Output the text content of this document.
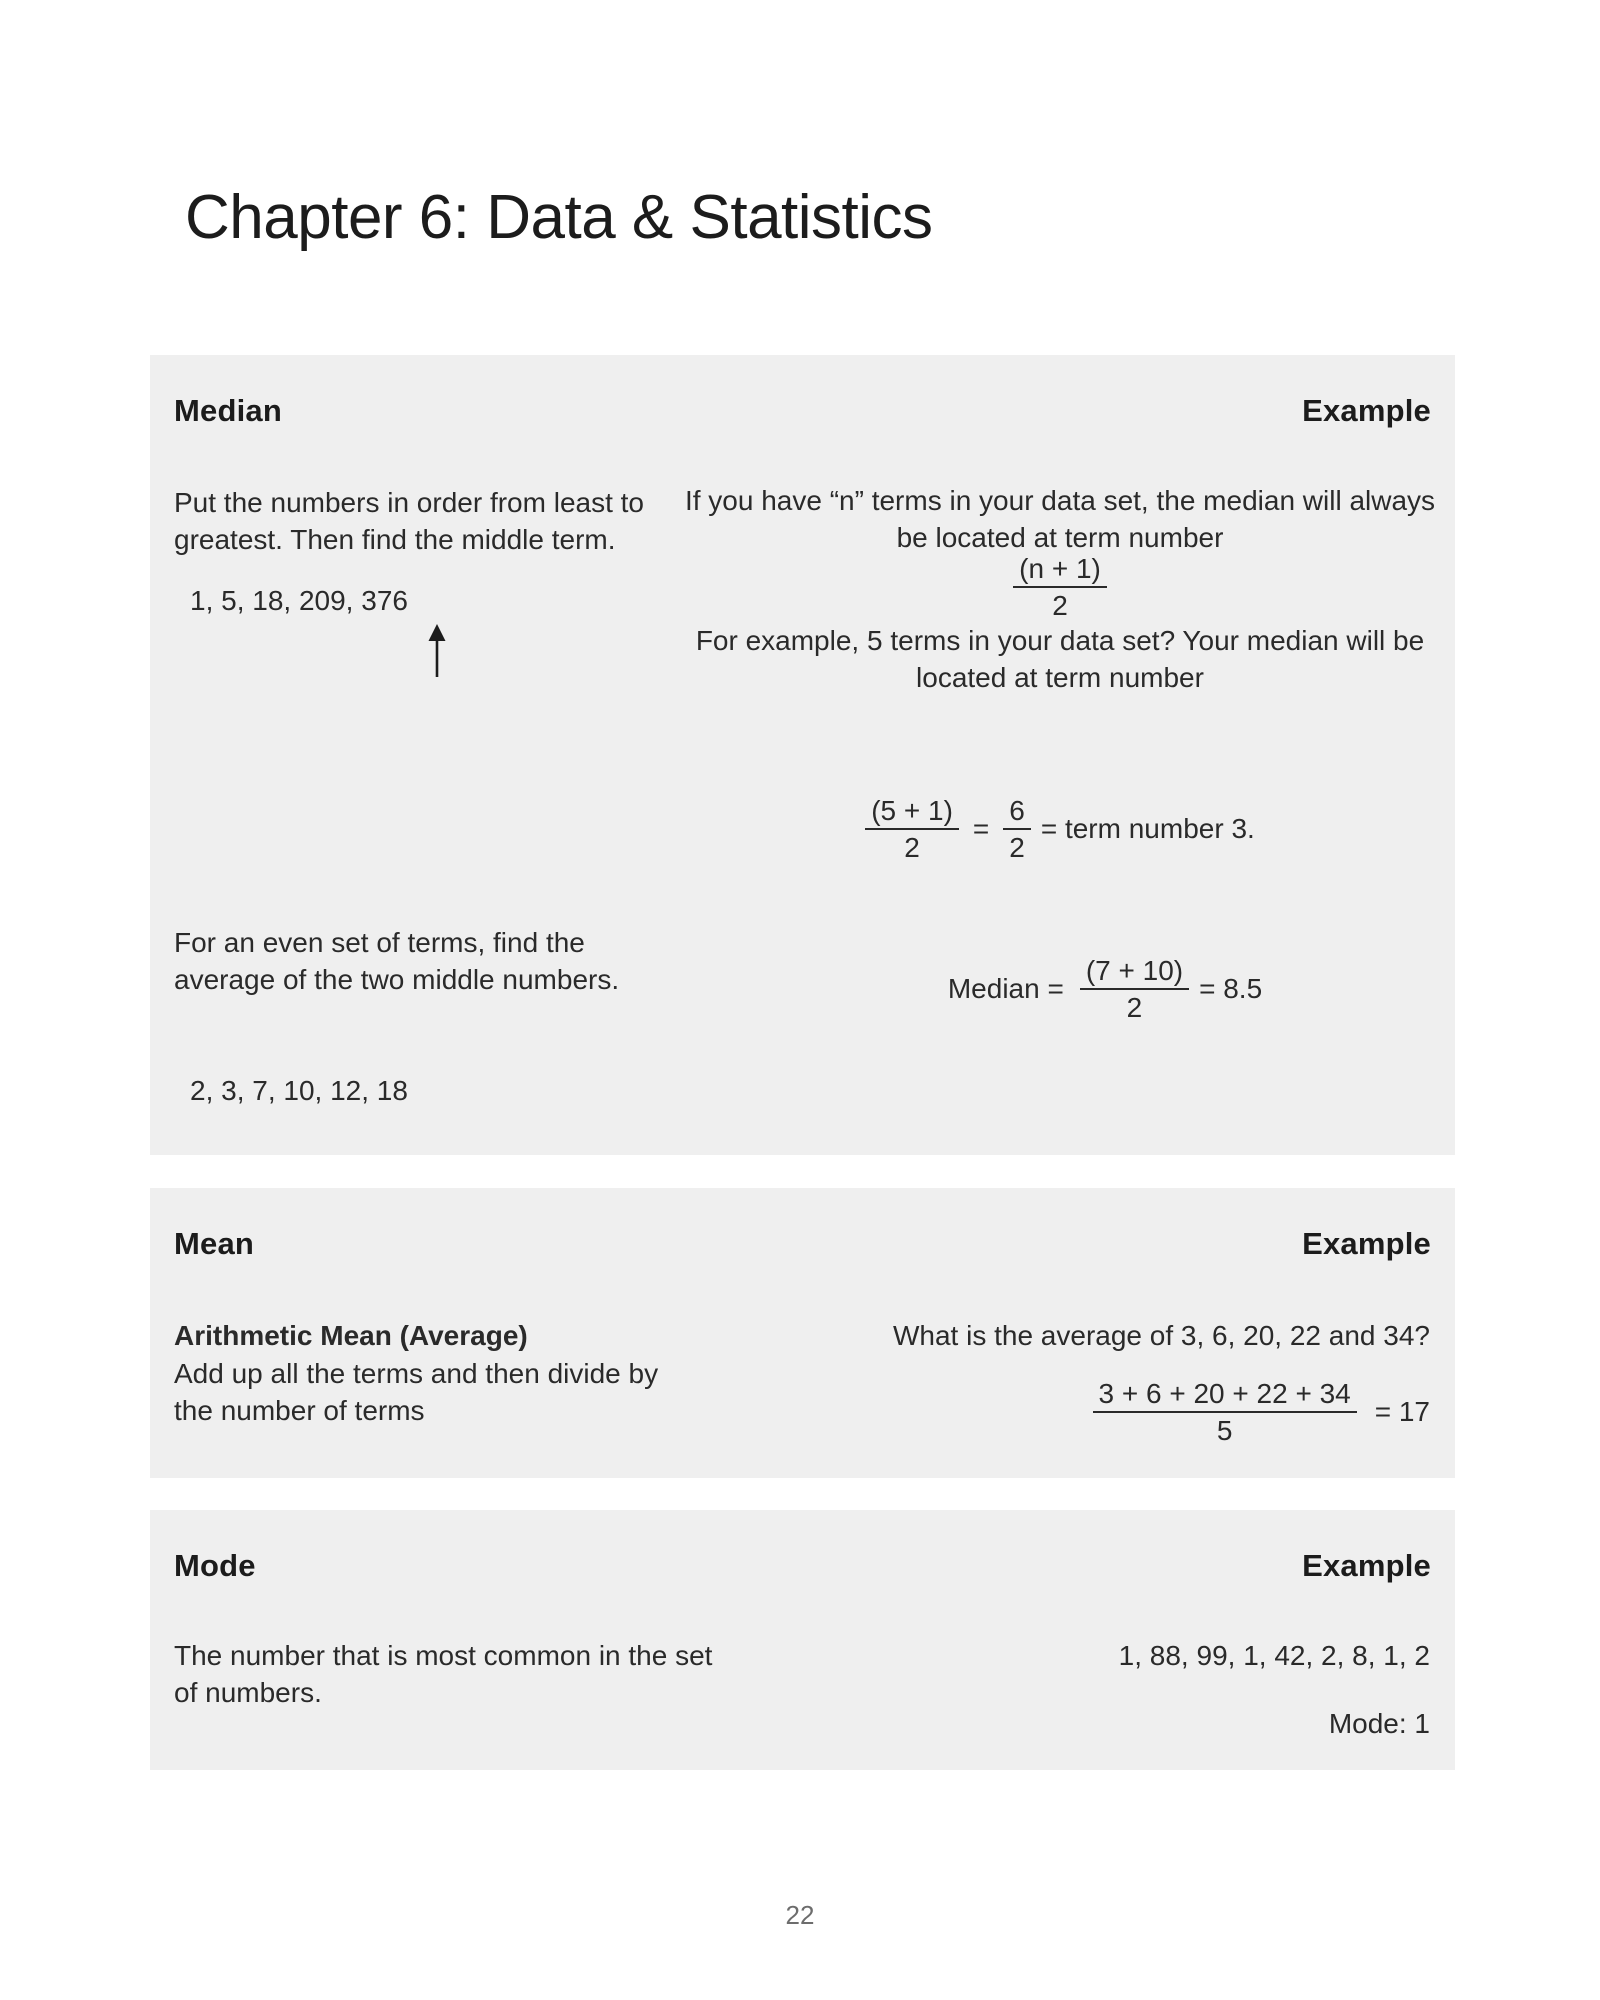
Chapter 6: Data & Statistics
Median	Example
Put the numbers in order from least to greatest. Then find the middle term.
1, 5, 18, 209, 376
For an even set of terms, find the average of the two middle numbers.
2, 3, 7, 10, 12, 18
If you have “n” terms in your data set, the median will always be located at term number
$\frac{(n + 1)}{2}$
For example, 5 terms in your data set? Your median will be located at term number
$\frac{(5 + 1)}{2} = \frac{6}{2}$ = term number 3.
Median = $\frac{(7 + 10)}{2} = 8.5$
Mean	Example
Arithmetic Mean (Average)
Add up all the terms and then divide by the number of terms
What is the average of 3, 6, 20, 22 and 34?
$\frac{3 + 6 + 20 + 22 + 34}{5} = 17$
Mode	Example
The number that is most common in the set of numbers.
1, 88, 99, 1, 42, 2, 8, 1, 2
Mode: 1
22
